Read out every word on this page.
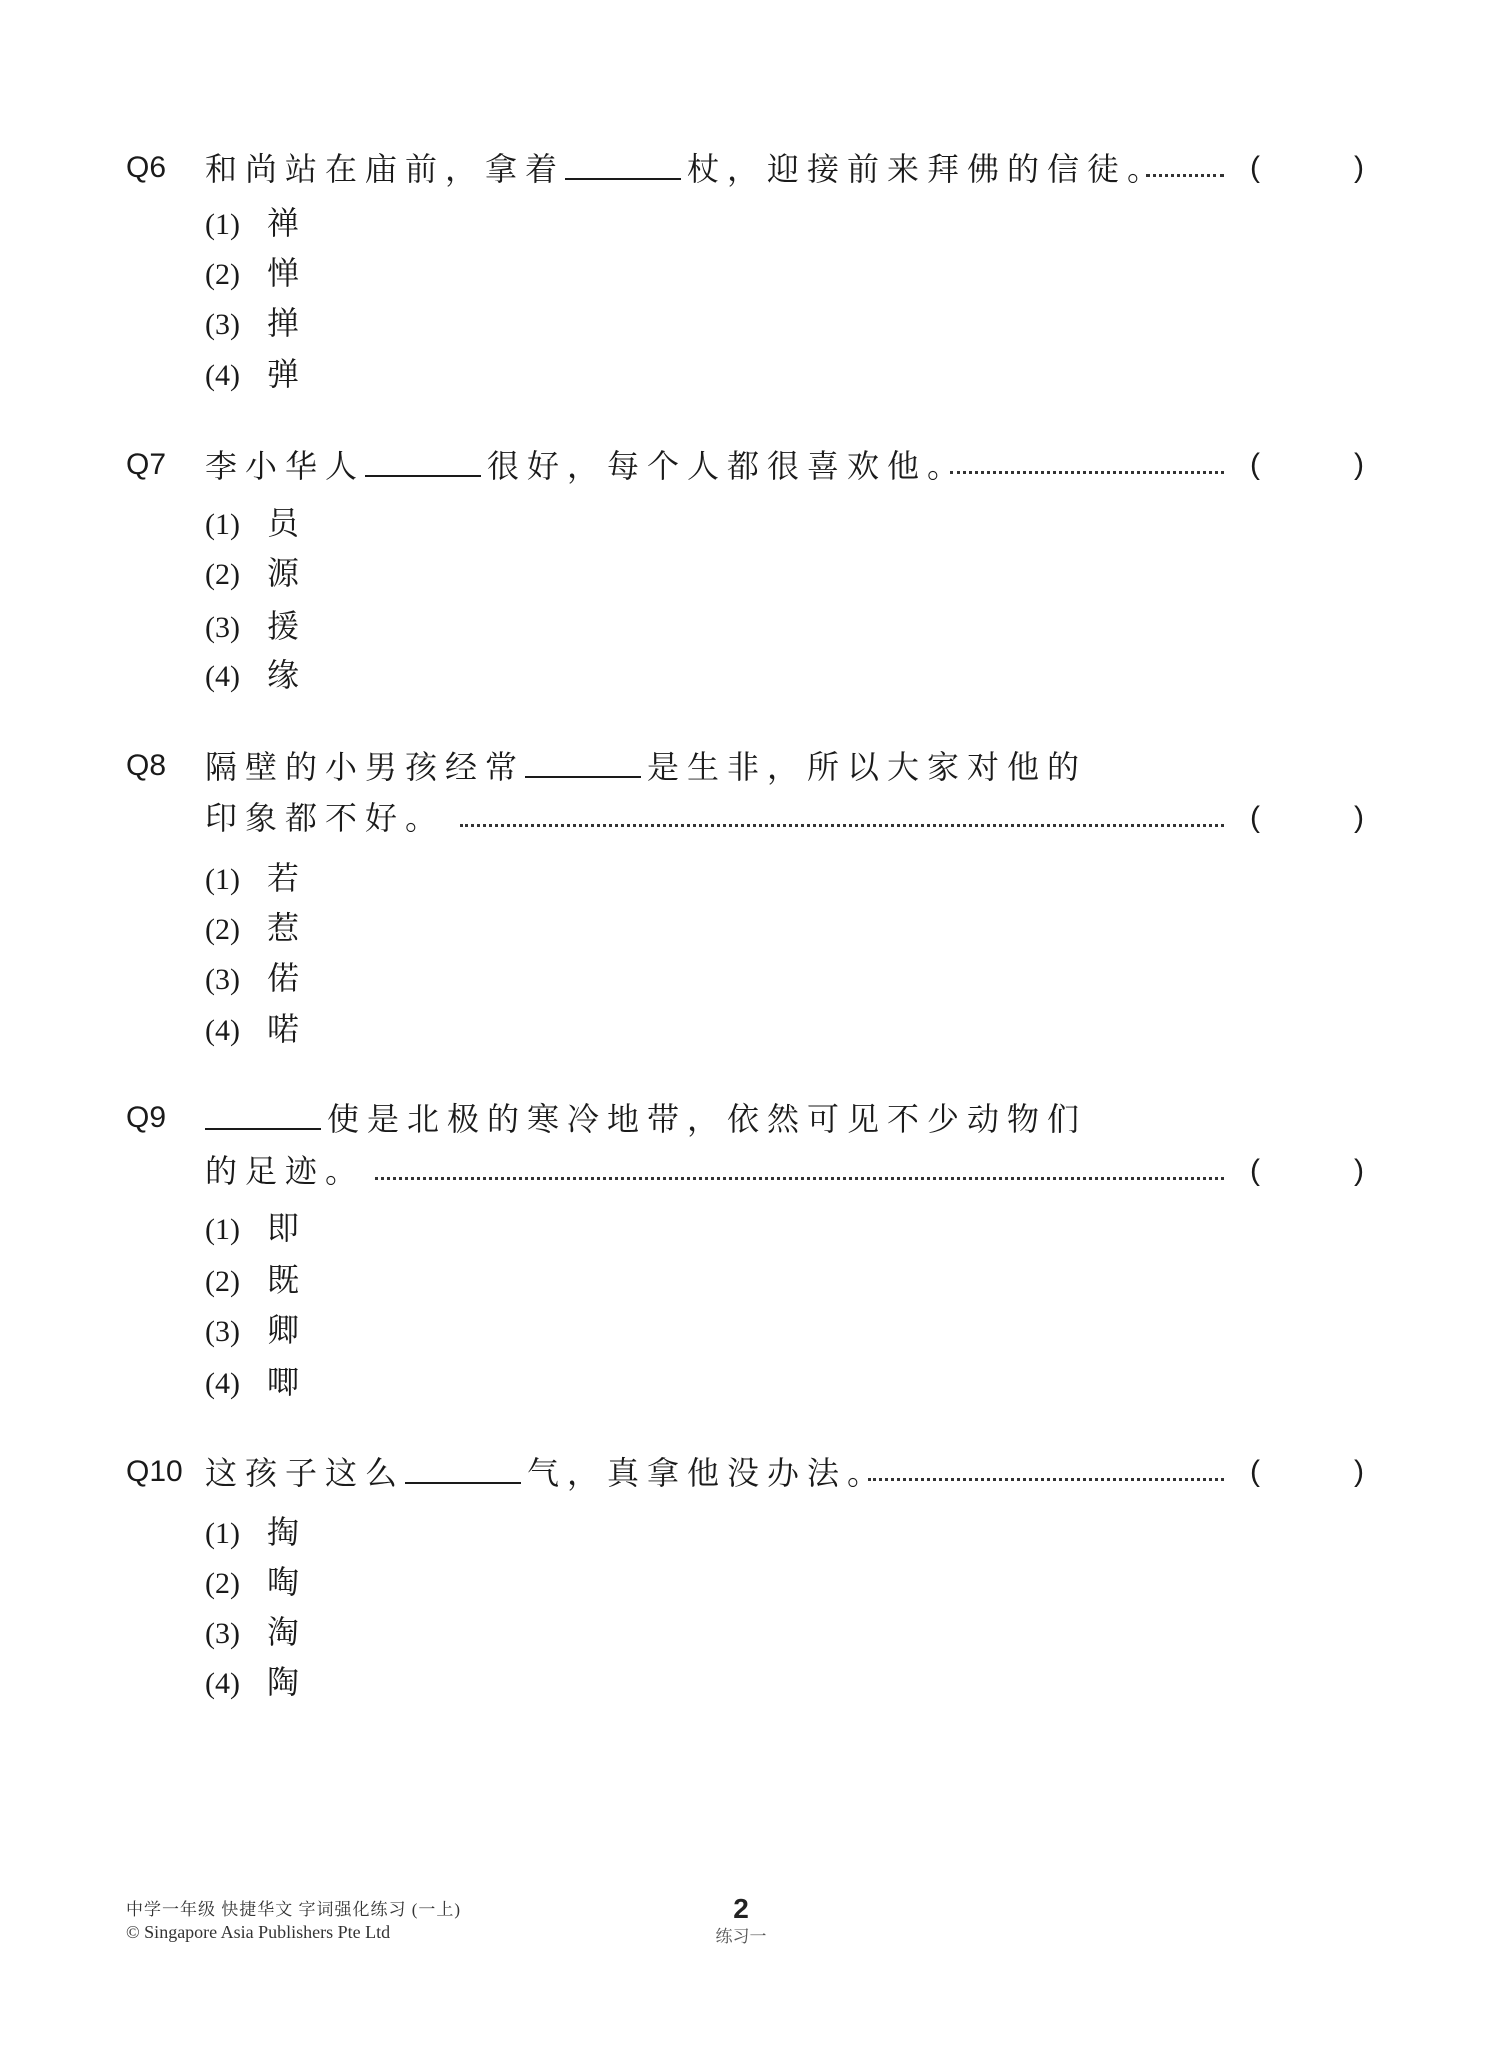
Q6 和尚站在庙前，拿着	杖，迎接前来拜佛的信徒。	(	)
(1) 禅
(2) 惮
(3) 掸
(4) 弹
Q7 李小华人	很好，每个人都很喜欢他。	(	)
(1) 员
(2) 源
(3) 援
(4) 缘
Q8 隔壁的小男孩经常	是生非，所以大家对他的
印象都不好。	(	)
(1) 若
(2) 惹
(3) 偌
(4) 喏
Q9	使是北极的寒冷地带，依然可见不少动物们
的足迹。	(	)
(1) 即
(2) 既
(3) 卿
(4) 唧
Q10 这孩子这么	气，真拿他没办法。	(	)
(1) 掏
(2) 啕
(3) 淘
(4) 陶
中学一年级 快捷华文 字词强化练习 (一上)
© Singapore Asia Publishers Pte Ltd
2
练习一
